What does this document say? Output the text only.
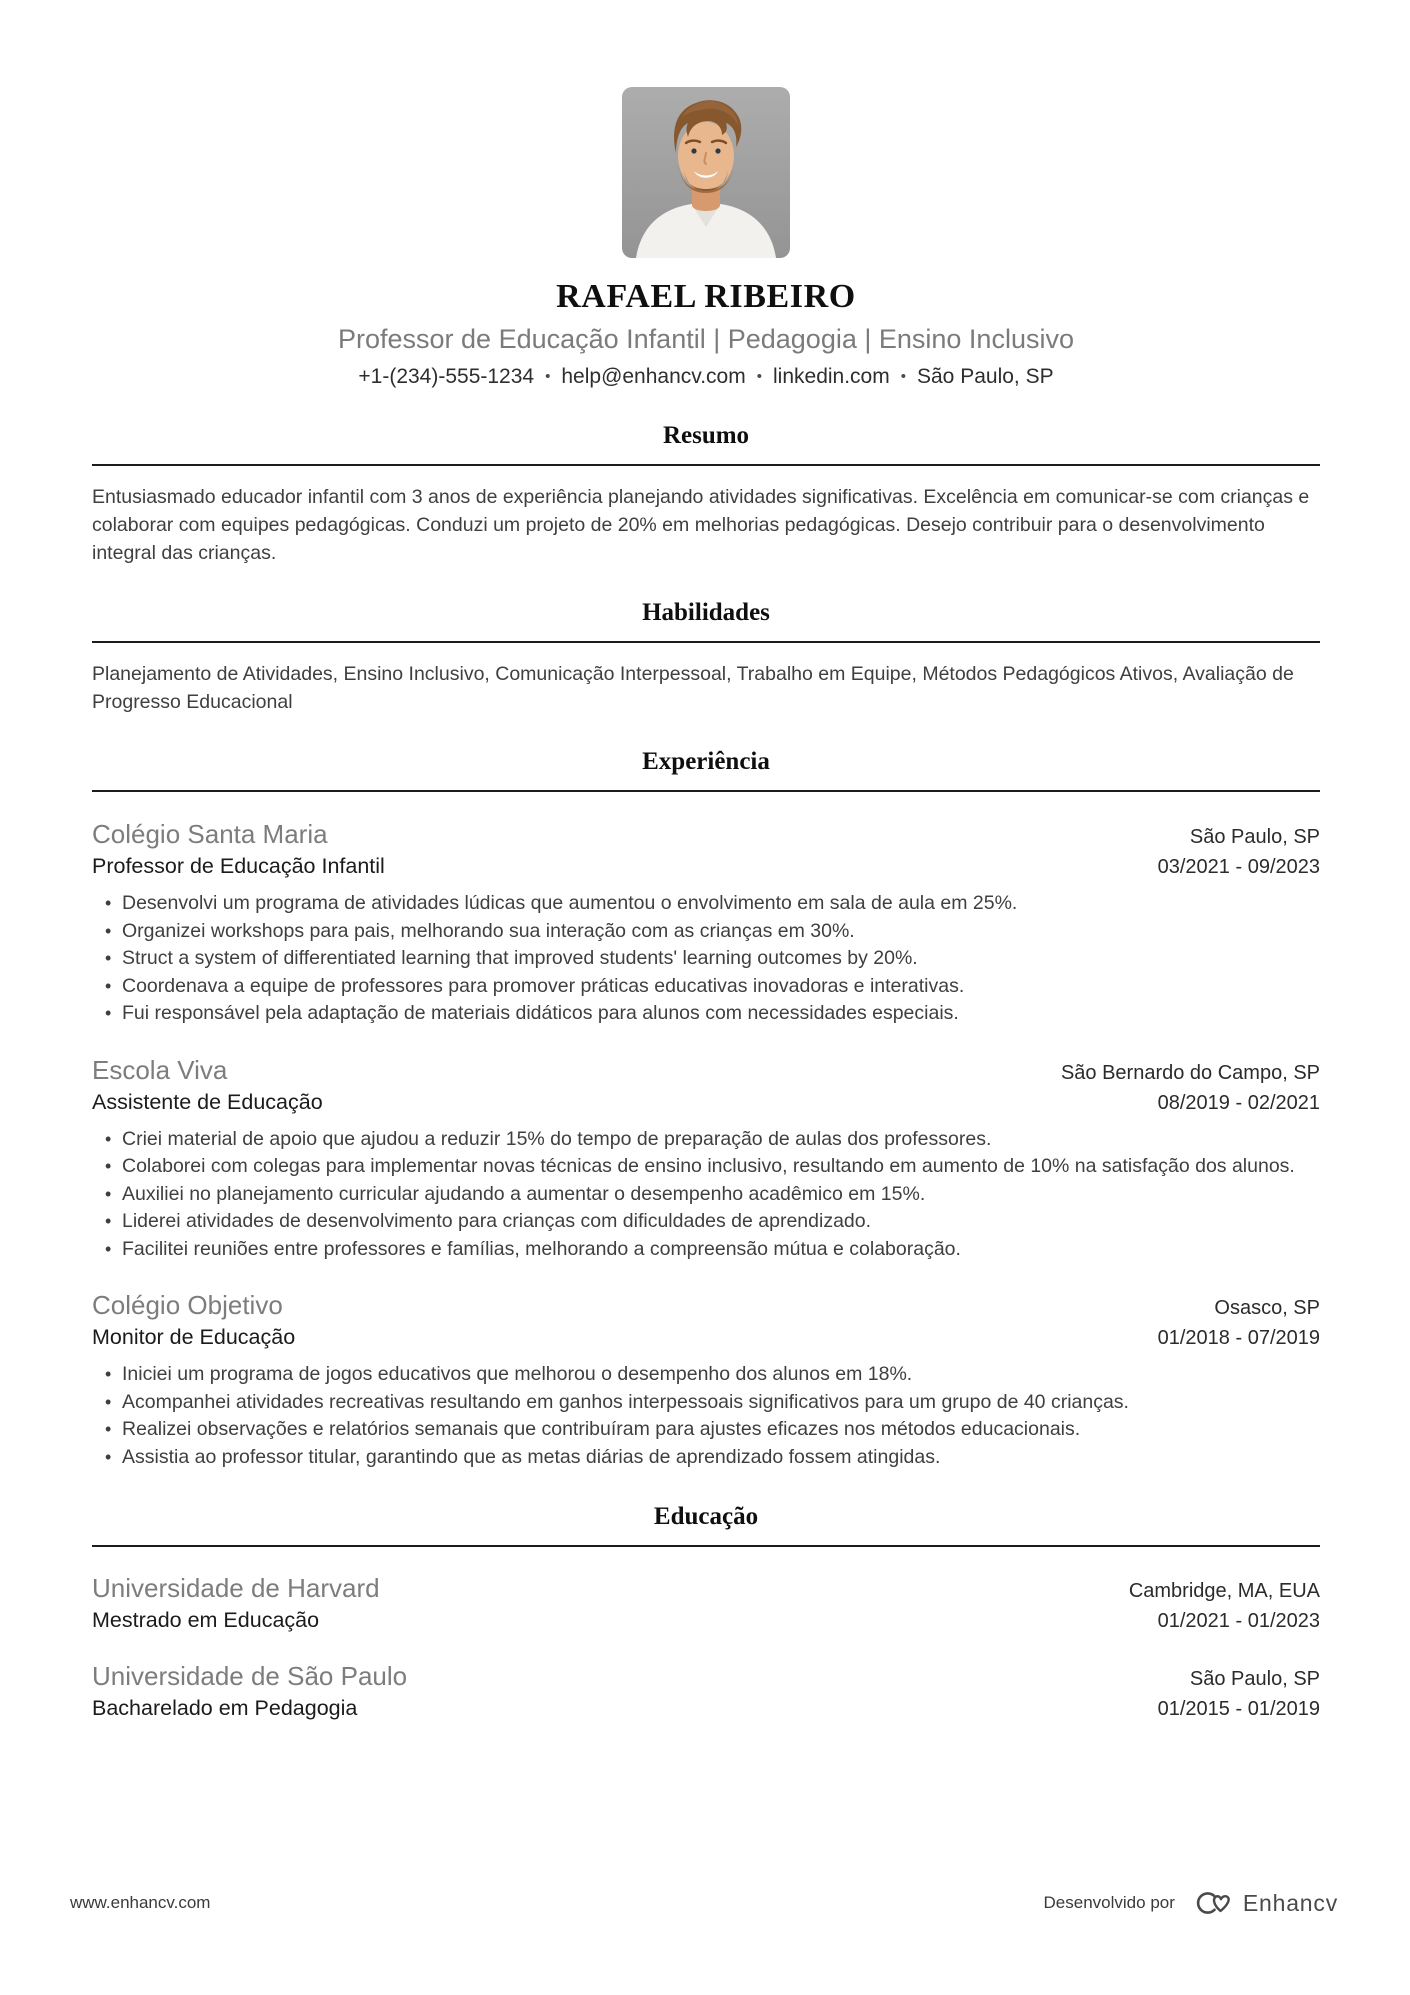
RAFAEL RIBEIRO
Professor de Educação Infantil | Pedagogia | Ensino Inclusivo
+1-(234)-555-1234 • help@enhancv.com • linkedin.com • São Paulo, SP
Resumo

Entusiasmado educador infantil com 3 anos de experiência planejando atividades significativas. Excelência em comunicar-se com crianças e colaborar com equipes pedagógicas. Conduzi um projeto de 20% em melhorias pedagógicas. Desejo contribuir para o desenvolvimento integral das crianças.

Habilidades

Planejamento de Atividades, Ensino Inclusivo, Comunicação Interpessoal, Trabalho em Equipe, Métodos Pedagógicos Ativos, Avaliação de Progresso Educacional

Experiência
Colégio Santa Maria	São Paulo, SP
Professor de Educação Infantil	03/2021 - 09/2023
• Desenvolvi um programa de atividades lúdicas que aumentou o envolvimento em sala de aula em 25%.
• Organizei workshops para pais, melhorando sua interação com as crianças em 30%.
• Struct a system of differentiated learning that improved students' learning outcomes by 20%.
• Coordenava a equipe de professores para promover práticas educativas inovadoras e interativas.
• Fui responsável pela adaptação de materiais didáticos para alunos com necessidades especiais.
Escola Viva	São Bernardo do Campo, SP
Assistente de Educação	08/2019 - 02/2021
• Criei material de apoio que ajudou a reduzir 15% do tempo de preparação de aulas dos professores.
• Colaborei com colegas para implementar novas técnicas de ensino inclusivo, resultando em aumento de 10% na satisfação dos alunos.
• Auxiliei no planejamento curricular ajudando a aumentar o desempenho acadêmico em 15%.
• Liderei atividades de desenvolvimento para crianças com dificuldades de aprendizado.
• Facilitei reuniões entre professores e famílias, melhorando a compreensão mútua e colaboração.
Colégio Objetivo	Osasco, SP
Monitor de Educação	01/2018 - 07/2019
• Iniciei um programa de jogos educativos que melhorou o desempenho dos alunos em 18%.
• Acompanhei atividades recreativas resultando em ganhos interpessoais significativos para um grupo de 40 crianças.
• Realizei observações e relatórios semanais que contribuíram para ajustes eficazes nos métodos educacionais.
• Assistia ao professor titular, garantindo que as metas diárias de aprendizado fossem atingidas.
Educação
Universidade de Harvard	Cambridge, MA, EUA
Mestrado em Educação	01/2021 - 01/2023
Universidade de São Paulo	São Paulo, SP
Bacharelado em Pedagogia	01/2015 - 01/2019
www.enhancv.com	Desenvolvido por	Enhancv
